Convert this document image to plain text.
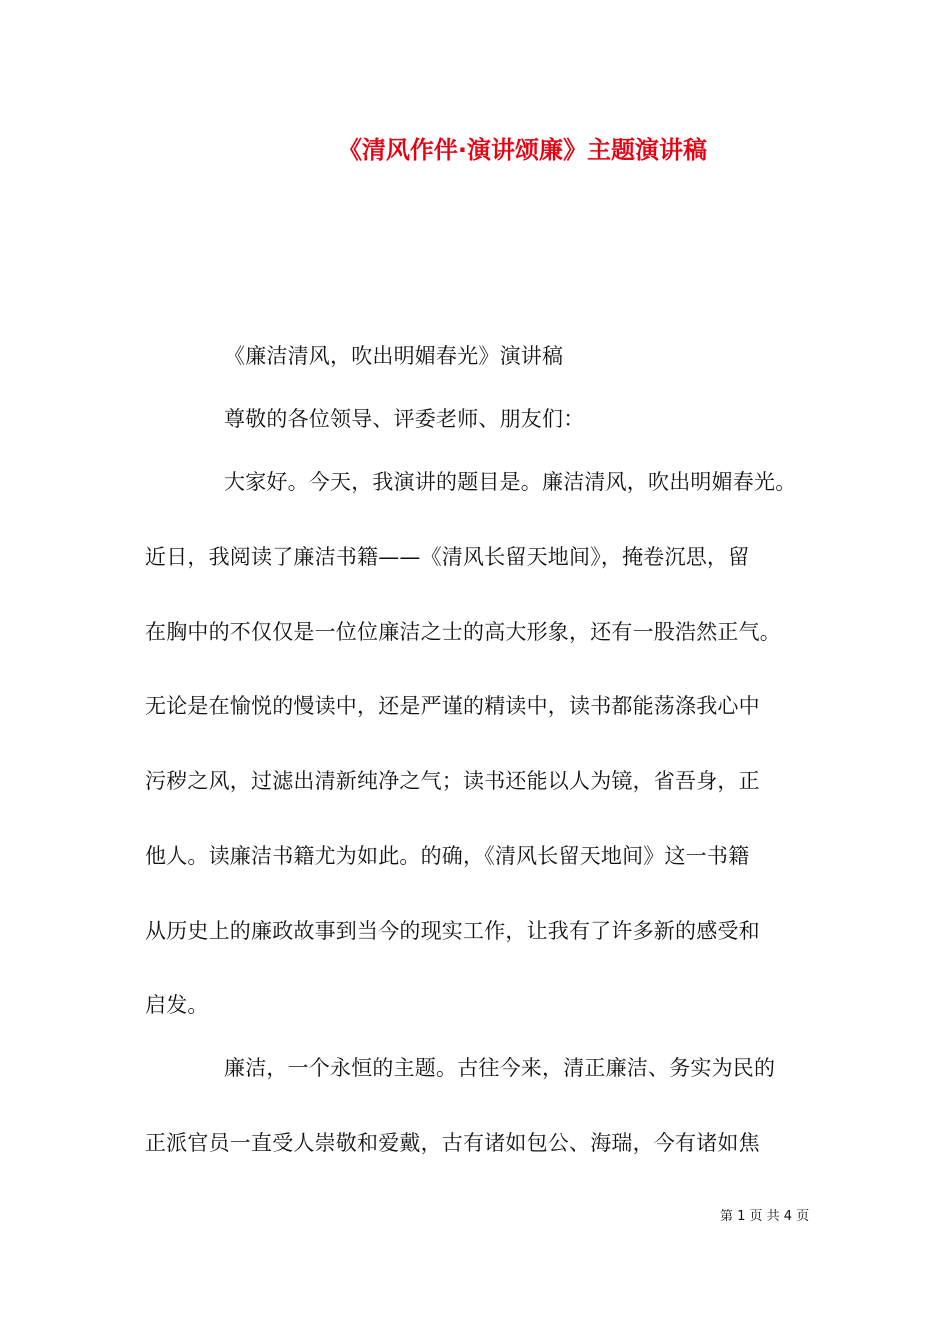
《清风作伴·演讲颂廉》主题演讲稿
《廉洁清风，吹出明媚春光》演讲稿
尊敬的各位领导、评委老师、朋友们：
大家好。今天，我演讲的题目是。廉洁清风，吹出明媚春光。
近日，我阅读了廉洁书籍——《清风长留天地间》，掩卷沉思，留
在胸中的不仅仅是一位位廉洁之士的高大形象，还有一股浩然正气。
无论是在愉悦的慢读中，还是严谨的精读中，读书都能荡涤我心中
污秽之风，过滤出清新纯净之气；读书还能以人为镜，省吾身，正
他人。读廉洁书籍尤为如此。的确，《清风长留天地间》这一书籍
从历史上的廉政故事到当今的现实工作，让我有了许多新的感受和
启发。
廉洁，一个永恒的主题。古往今来，清正廉洁、务实为民的
正派官员一直受人崇敬和爱戴，古有诸如包公、海瑞，今有诸如焦
第 1 页 共 4 页
